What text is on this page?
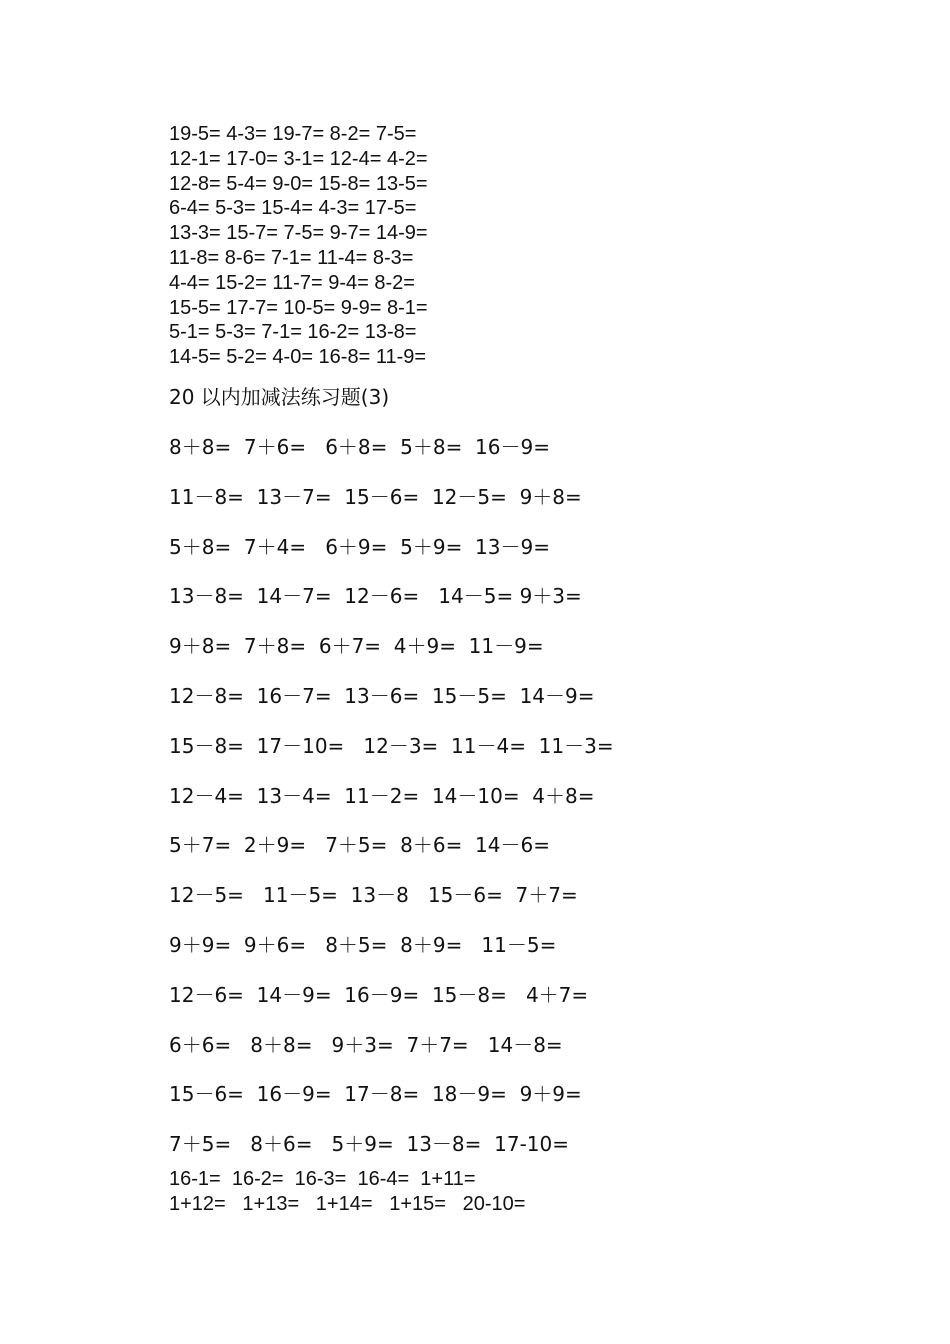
19-5= 4-3= 19-7= 8-2= 7-5=
12-1= 17-0= 3-1= 12-4= 4-2=
12-8= 5-4= 9-0= 15-8= 13-5=
6-4= 5-3= 15-4= 4-3= 17-5=
13-3= 15-7= 7-5= 9-7= 14-9=
11-8= 8-6= 7-1= 11-4= 8-3=
4-4= 15-2= 11-7= 9-4= 8-2=
15-5= 17-7= 10-5= 9-9= 8-1=
5-1= 5-3= 7-1= 16-2= 13-8=
14-5= 5-2= 4-0= 16-8= 11-9=
20 以内加减法练习题(3)
8＋8=  7＋6=   6＋8=  5＋8=  16－9=
11－8=  13－7=  15－6=  12－5=  9＋8=
5＋8=  7＋4=   6＋9=  5＋9=  13－9=
13－8=  14－7=  12－6=   14－5= 9＋3=
9＋8=  7＋8=  6＋7=  4＋9=  11－9=
12－8=  16－7=  13－6=  15－5=  14－9=
15－8=  17－10=   12－3=  11－4=  11－3=
12－4=  13－4=  11－2=  14－10=  4＋8=
5＋7=  2＋9=   7＋5=  8＋6=  14－6=
12－5=   11－5=  13－8   15－6=  7＋7=
9＋9=  9＋6=   8＋5=  8＋9=   11－5=
12－6=  14－9=  16－9=  15－8=   4＋7=
6＋6=   8＋8=   9＋3=  7＋7=   14－8=
15－6=  16－9=  17－8=  18－9=  9＋9=
7＋5=   8＋6=   5＋9=  13－8=  17-10=
16-1=  16-2=  16-3=  16-4=  1+11=
1+12=   1+13=   1+14=   1+15=   20-10=
